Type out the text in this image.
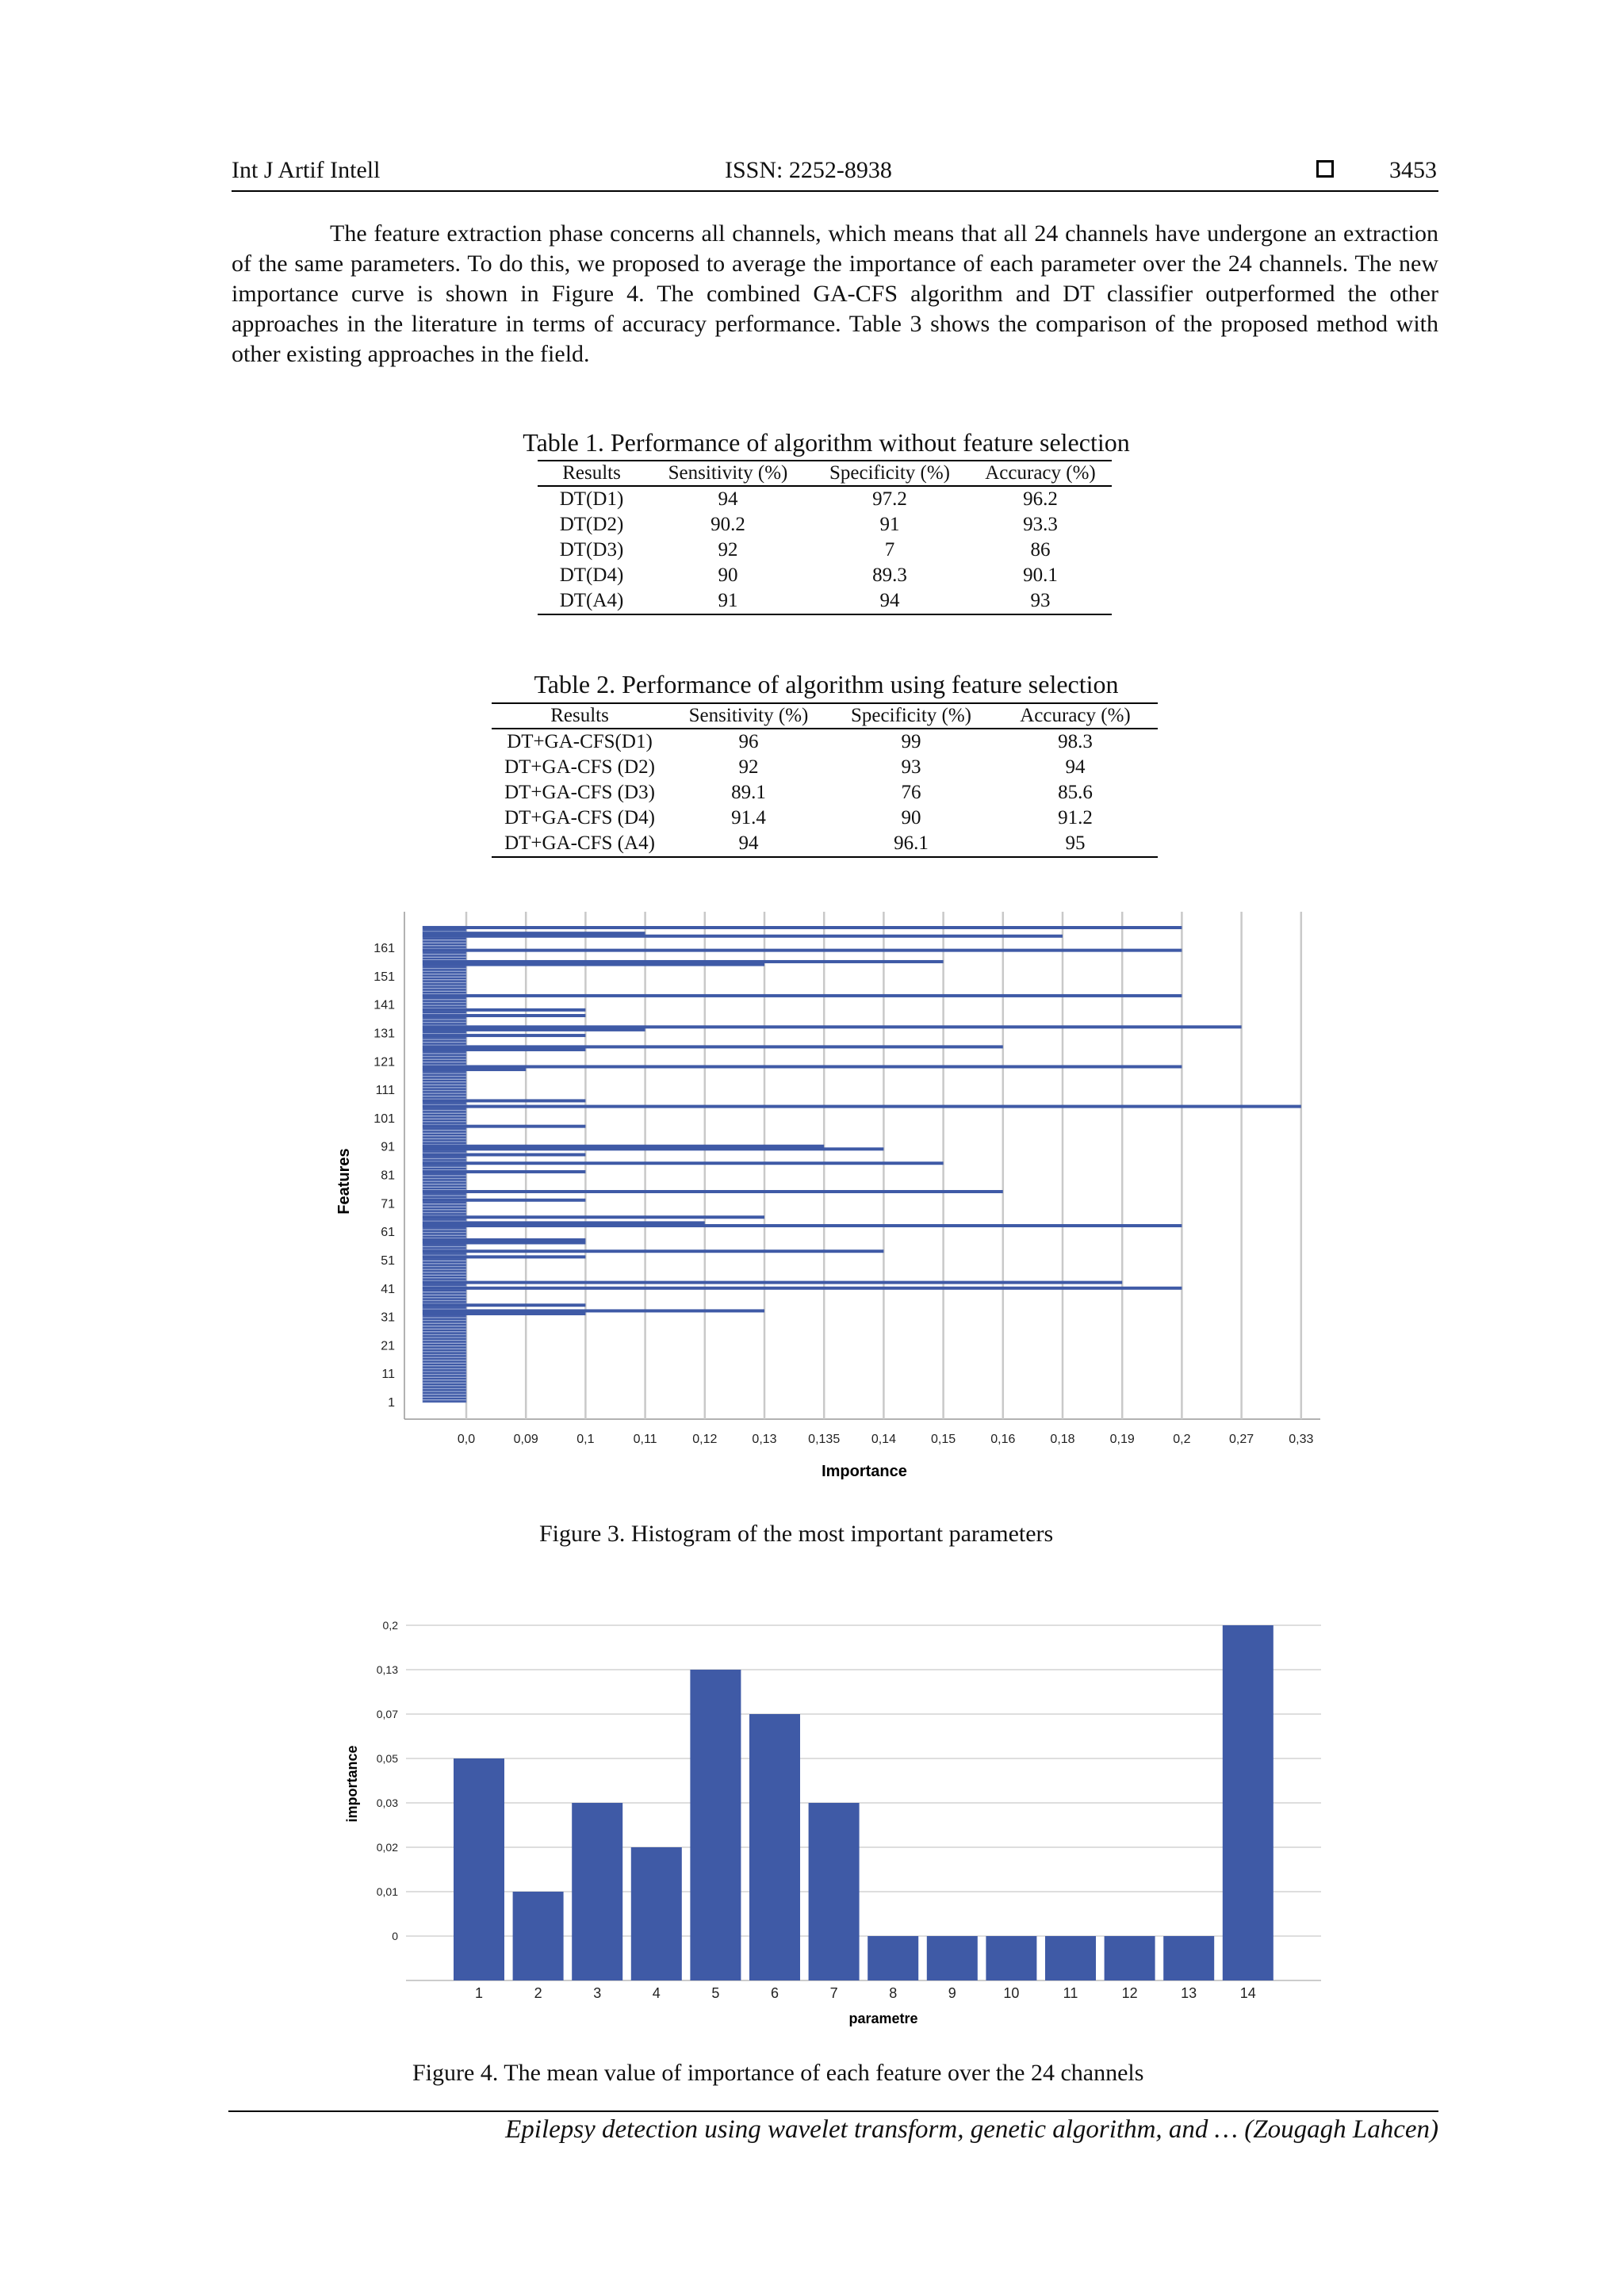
Int J Artif Intell	ISSN: 2252-8938	3453

The feature extraction phase concerns all channels, which means that all 24 channels have undergone an extraction of the same parameters. To do this, we proposed to average the importance of each parameter over the 24 channels. The new importance curve is shown in Figure 4. The combined GA-CFS algorithm and DT classifier outperformed the other approaches in the literature in terms of accuracy performance. Table 3 shows the comparison of the proposed method with other existing approaches in the field.

Table 1. Performance of algorithm without feature selection
Results	Sensitivity (%)	Specificity (%)	Accuracy (%)
DT(D1)	94	97.2	96.2
DT(D2)	90.2	91	93.3
DT(D3)	92	7	86
DT(D4)	90	89.3	90.1
DT(A4)	91	94	93
Table 2. Performance of algorithm using feature selection
Results	Sensitivity (%)	Specificity (%)	Accuracy (%)
DT+GA-CFS(D1)	96	99	98.3
DT+GA-CFS (D2)	92	93	94
DT+GA-CFS (D3)	89.1	76	85.6
DT+GA-CFS (D4)	91.4	90	91.2
DT+GA-CFS (A4)	94	96.1	95
161
151
141
131
121
111
101
91
81
71
61
51
41
31
21
11
1
0,0	0,09	0,1	0,11	0,12	0,13 0,135 0,14	0,15	0,16	0,18	0,19	0,2	0,27	0,33
Importance
Features
Figure 3. Histogram of the most important parameters
0
0,01
0,02
0,03
0,05
0,07
0,13
0,2
1	2	3	4	5	6	7	8	9	10	11	12	13	14
parametre
importance
Figure 4. The mean value of importance of each feature over the 24 channels
Epilepsy detection using wavelet transform, genetic algorithm, and … (Zougagh Lahcen)
